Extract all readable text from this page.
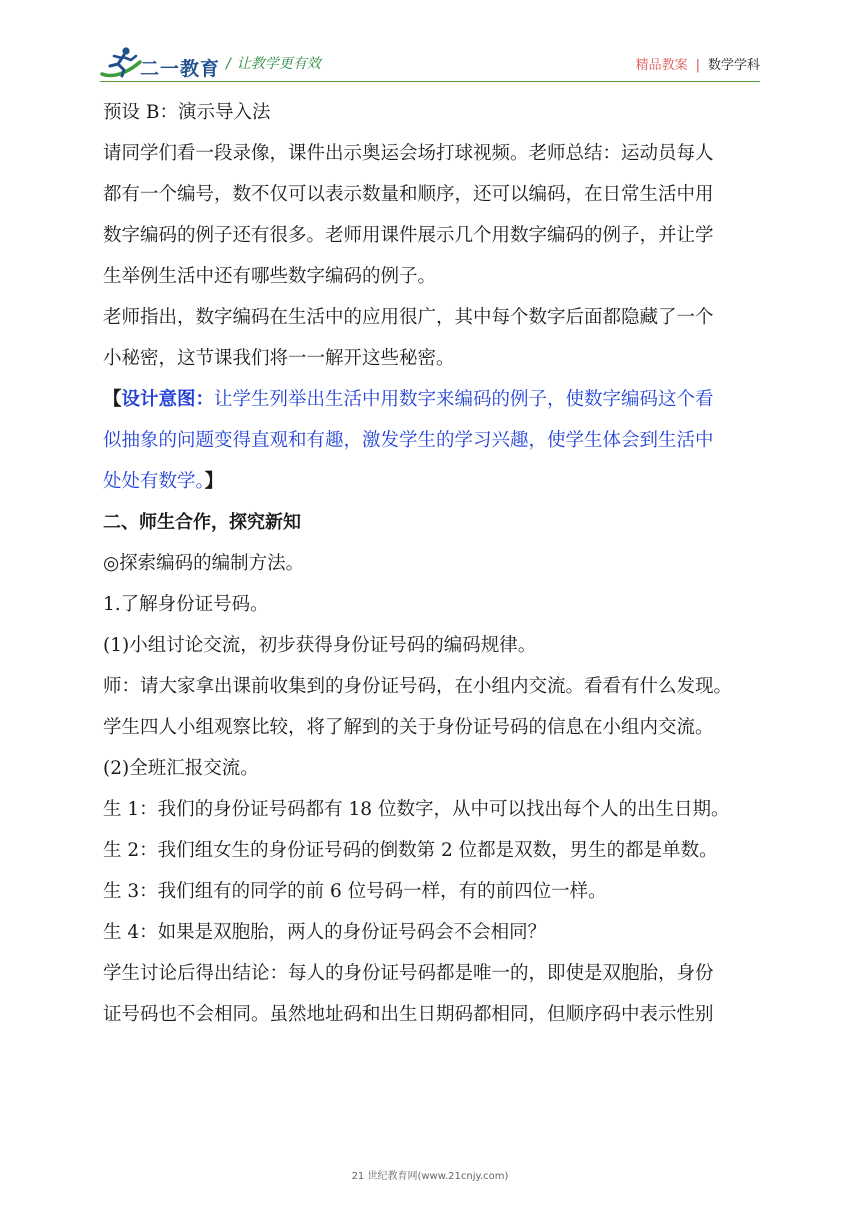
二一教育 / 让教学更有效	精品教案 | 数学学科
预设 B：演示导入法
请同学们看一段录像，课件出示奥运会场打球视频。老师总结：运动员每人
都有一个编号，数不仅可以表示数量和顺序，还可以编码，在日常生活中用
数字编码的例子还有很多。老师用课件展示几个用数字编码的例子，并让学
生举例生活中还有哪些数字编码的例子。
老师指出，数字编码在生活中的应用很广，其中每个数字后面都隐藏了一个
小秘密，这节课我们将一一解开这些秘密。
【设计意图：让学生列举出生活中用数字来编码的例子，使数字编码这个看
似抽象的问题变得直观和有趣，激发学生的学习兴趣，使学生体会到生活中
处处有数学。】
二、师生合作，探究新知
◎探索编码的编制方法。
1.了解身份证号码。
(1)小组讨论交流，初步获得身份证号码的编码规律。
师：请大家拿出课前收集到的身份证号码，在小组内交流。看看有什么发现。
学生四人小组观察比较，将了解到的关于身份证号码的信息在小组内交流。
(2)全班汇报交流。
生 1：我们的身份证号码都有 18 位数字，从中可以找出每个人的出生日期。
生 2：我们组女生的身份证号码的倒数第 2 位都是双数，男生的都是单数。
生 3：我们组有的同学的前 6 位号码一样，有的前四位一样。
生 4：如果是双胞胎，两人的身份证号码会不会相同？
学生讨论后得出结论：每人的身份证号码都是唯一的，即使是双胞胎，身份
证号码也不会相同。虽然地址码和出生日期码都相同，但顺序码中表示性别
21 世纪教育网(www.21cnjy.com)
